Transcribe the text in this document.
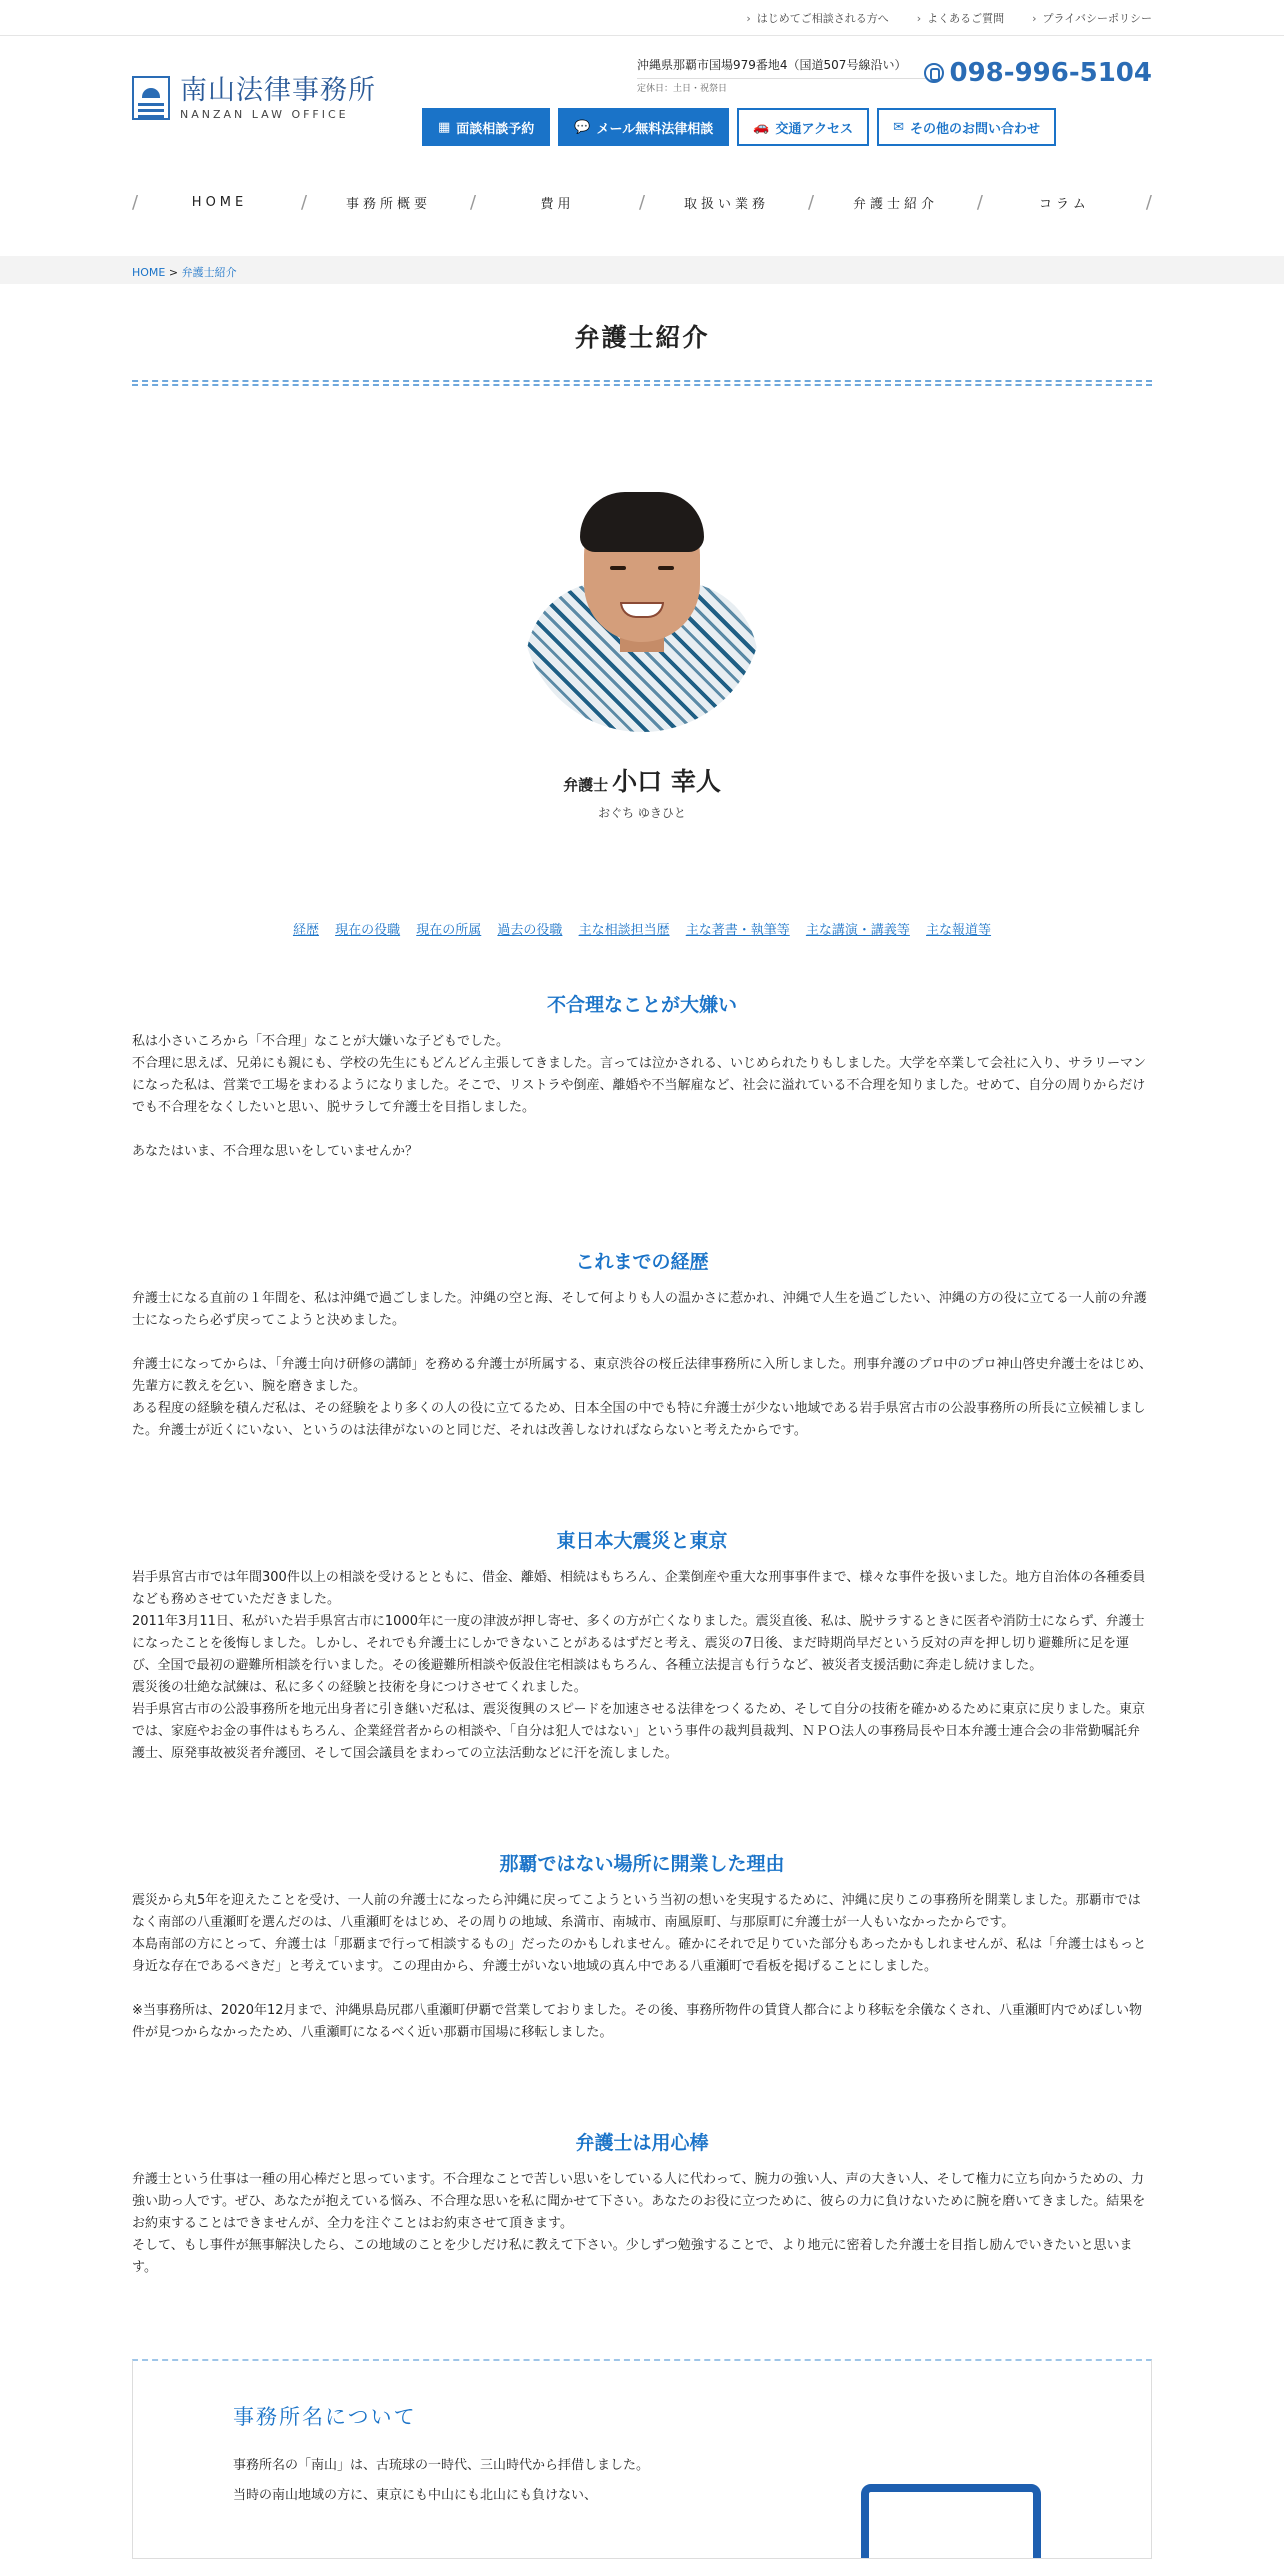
› はじめてご相談される方へ	› よくあるご質問	› プライバシーポリシー
南山法律事務所
NANZAN LAW OFFICE
沖縄県那覇市国場979番地4（国道507号線沿い）
定休日：土日・祝祭日
098-996-5104
▦ 面談相談予約	💬 メール無料法律相談	🚗 交通アクセス	✉ その他のお問い合わせ
/	HOME	/	事務所概要	/	費用	/	取扱い業務	/	弁護士紹介	/	コラム	/
HOME > 弁護士紹介
弁護士紹介
弁護士 小口 幸人
おぐち ゆきひと
経歴 現在の役職 現在の所属 過去の役職 主な相談担当歴 主な著書・執筆等 主な講演・講義等 主な報道等
不合理なことが大嫌い

私は小さいころから「不合理」なことが大嫌いな子どもでした。

不合理に思えば、兄弟にも親にも、学校の先生にもどんどん主張してきました。言っては泣かされる、いじめられたりもしました。大学を卒業して会社に入り、サラリーマンになった私は、営業で工場をまわるようになりました。そこで、リストラや倒産、離婚や不当解雇など、社会に溢れている不合理を知りました。せめて、自分の周りからだけでも不合理をなくしたいと思い、脱サラして弁護士を目指しました。

あなたはいま、不合理な思いをしていませんか？

これまでの経歴

弁護士になる直前の１年間を、私は沖縄で過ごしました。沖縄の空と海、そして何よりも人の温かさに惹かれ、沖縄で人生を過ごしたい、沖縄の方の役に立てる一人前の弁護士になったら必ず戻ってこようと決めました。

弁護士になってからは、「弁護士向け研修の講師」を務める弁護士が所属する、東京渋谷の桜丘法律事務所に入所しました。刑事弁護のプロ中のプロ神山啓史弁護士をはじめ、先輩方に教えを乞い、腕を磨きました。

ある程度の経験を積んだ私は、その経験をより多くの人の役に立てるため、日本全国の中でも特に弁護士が少ない地域である岩手県宮古市の公設事務所の所長に立候補しました。弁護士が近くにいない、というのは法律がないのと同じだ、それは改善しなければならないと考えたからです。

東日本大震災と東京

岩手県宮古市では年間300件以上の相談を受けるとともに、借金、離婚、相続はもちろん、企業倒産や重大な刑事事件まで、様々な事件を扱いました。地方自治体の各種委員なども務めさせていただきました。

2011年3月11日、私がいた岩手県宮古市に1000年に一度の津波が押し寄せ、多くの方が亡くなりました。震災直後、私は、脱サラするときに医者や消防士にならず、弁護士になったことを後悔しました。しかし、それでも弁護士にしかできないことがあるはずだと考え、震災の7日後、まだ時期尚早だという反対の声を押し切り避難所に足を運び、全国で最初の避難所相談を行いました。その後避難所相談や仮設住宅相談はもちろん、各種立法提言も行うなど、被災者支援活動に奔走し続けました。

震災後の壮絶な試練は、私に多くの経験と技術を身につけさせてくれました。

岩手県宮古市の公設事務所を地元出身者に引き継いだ私は、震災復興のスピードを加速させる法律をつくるため、そして自分の技術を確かめるために東京に戻りました。東京では、家庭やお金の事件はもちろん、企業経営者からの相談や、「自分は犯人ではない」という事件の裁判員裁判、ＮＰＯ法人の事務局長や日本弁護士連合会の非常勤嘱託弁護士、原発事故被災者弁護団、そして国会議員をまわっての立法活動などに汗を流しました。

那覇ではない場所に開業した理由

震災から丸5年を迎えたことを受け、一人前の弁護士になったら沖縄に戻ってこようという当初の想いを実現するために、沖縄に戻りこの事務所を開業しました。那覇市ではなく南部の八重瀬町を選んだのは、八重瀬町をはじめ、その周りの地域、糸満市、南城市、南風原町、与那原町に弁護士が一人もいなかったからです。

本島南部の方にとって、弁護士は「那覇まで行って相談するもの」だったのかもしれません。確かにそれで足りていた部分もあったかもしれませんが、私は「弁護士はもっと身近な存在であるべきだ」と考えています。この理由から、弁護士がいない地域の真ん中である八重瀬町で看板を掲げることにしました。

※当事務所は、2020年12月まで、沖縄県島尻郡八重瀬町伊覇で営業しておりました。その後、事務所物件の賃貸人都合により移転を余儀なくされ、八重瀬町内でめぼしい物件が見つからなかったため、八重瀬町になるべく近い那覇市国場に移転しました。

弁護士は用心棒

弁護士という仕事は一種の用心棒だと思っています。不合理なことで苦しい思いをしている人に代わって、腕力の強い人、声の大きい人、そして権力に立ち向かうための、力強い助っ人です。ぜひ、あなたが抱えている悩み、不合理な思いを私に聞かせて下さい。あなたのお役に立つために、彼らの力に負けないために腕を磨いてきました。結果をお約束することはできませんが、全力を注ぐことはお約束させて頂きます。

そして、もし事件が無事解決したら、この地域のことを少しだけ私に教えて下さい。少しずつ勉強することで、より地元に密着した弁護士を目指し励んでいきたいと思います。

事務所名について
事務所名の「南山」は、古琉球の一時代、三山時代から拝借しました。
当時の南山地域の方に、東京にも中山にも北山にも負けない、
